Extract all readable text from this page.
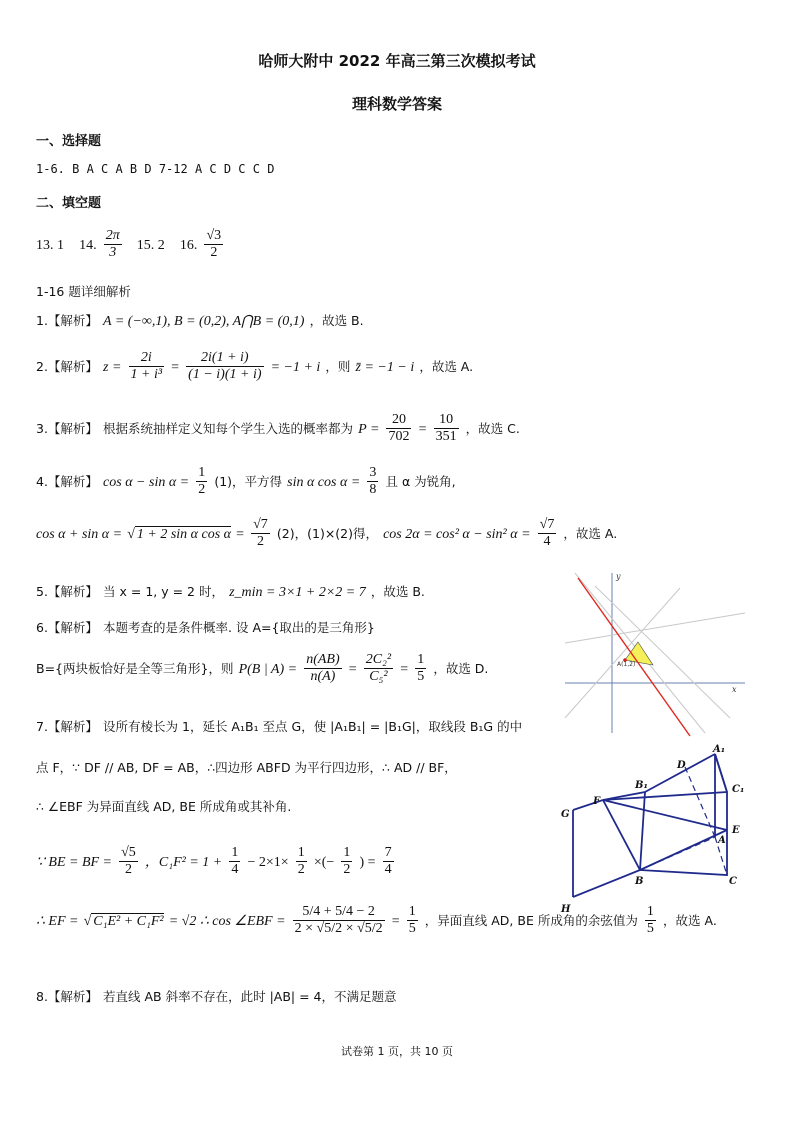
哈师大附中 2022 年高三第三次模拟考试
理科数学答案
一、选择题
1-6. B A C A B D 7-12 A C D C C D
二、填空题
13. 1 14. $\frac{2\pi}{3} 15$. 2 16. $\frac{√3}{2}$
1-16 题详细解析
1.【解析】 A = (−∞,1), B = (0,2), A⋂B = (0,1) ，故选 B.
2.【解析】 $z = \frac{2i}{\text{1 + i³}} = \frac{2i(1 + i)}{(1 - i)(1 + i)} = -1 + i$ ，则 z̄ = −1 − i ，故选 A.
3.【解析】 根据系统抽样定义知每个学生入选的概率都为 $P = \frac{20}{702} = \frac{10}{351}$ ，故选 C.
4.【解析】 $\cos \alpha - \sin \alpha = \frac{1}{2} (1)$，平方得 sin α $\cos \alpha = \frac{3}{8}$ 且 α 为锐角,
cos α + sin α = √ 1 + 2 sin α $\cos \alpha = \frac{√7}{2} (2)$，(1)×(2)得， cos 2α = cos² α − sin² $\alpha = \frac{√7}{4}$ ，故选 A.
5.【解析】 当 x = 1, y = 2 时， z_min = 3×1 + 2×2 = 7 ，故选 B.
6.【解析】 本题考查的是条件概率. 设 A={取出的是三角形}
B={两块板恰好是全等三角形}，则 P(B | $A) = \frac{n(AB)}{n(A)} = \frac{\text{2C₂²}}{\text{C₅²}} = \frac{1}{5}$ ，故选 D.
7.【解析】 设所有棱长为 1，延长 A₁B₁ 至点 G，使 |A₁B₁| = |B₁G|，取线段 B₁G 的中
点 F，∵ DF // AB, DF = AB，∴四边形 ABFD 为平行四边形，∴ AD // BF，
∴ ∠EBF 为异面直线 AD, BE 所成角或其补角.
∵ BE = BF = $\frac{√5}{2}$ ，$C_1F^2 = 1 + \frac{1}{4} - 2\times 1\times \frac{1}{2}$ ×(− $\frac{1}{2}$ ) = $\frac{7}{4}$
∴ EF = √ C₁E² + C₁F² = √2 ∴ cos ∠EBF = $\frac{5/4 + 5/4 - 2}{2 \times √5/2 \times √5/2} = \frac{1}{5}$ ，异面直线 AD, BE 所成角的余弦值为 $\frac{1}{5}$ ，故选 A.
8.【解析】 若直线 AB 斜率不存在，此时 |AB| = 4，不满足题意
A(1,2)
x
y
A₁
D
B₁	C₁
F
G
E
A
B	C
H
试卷第 1 页，共 10 页
